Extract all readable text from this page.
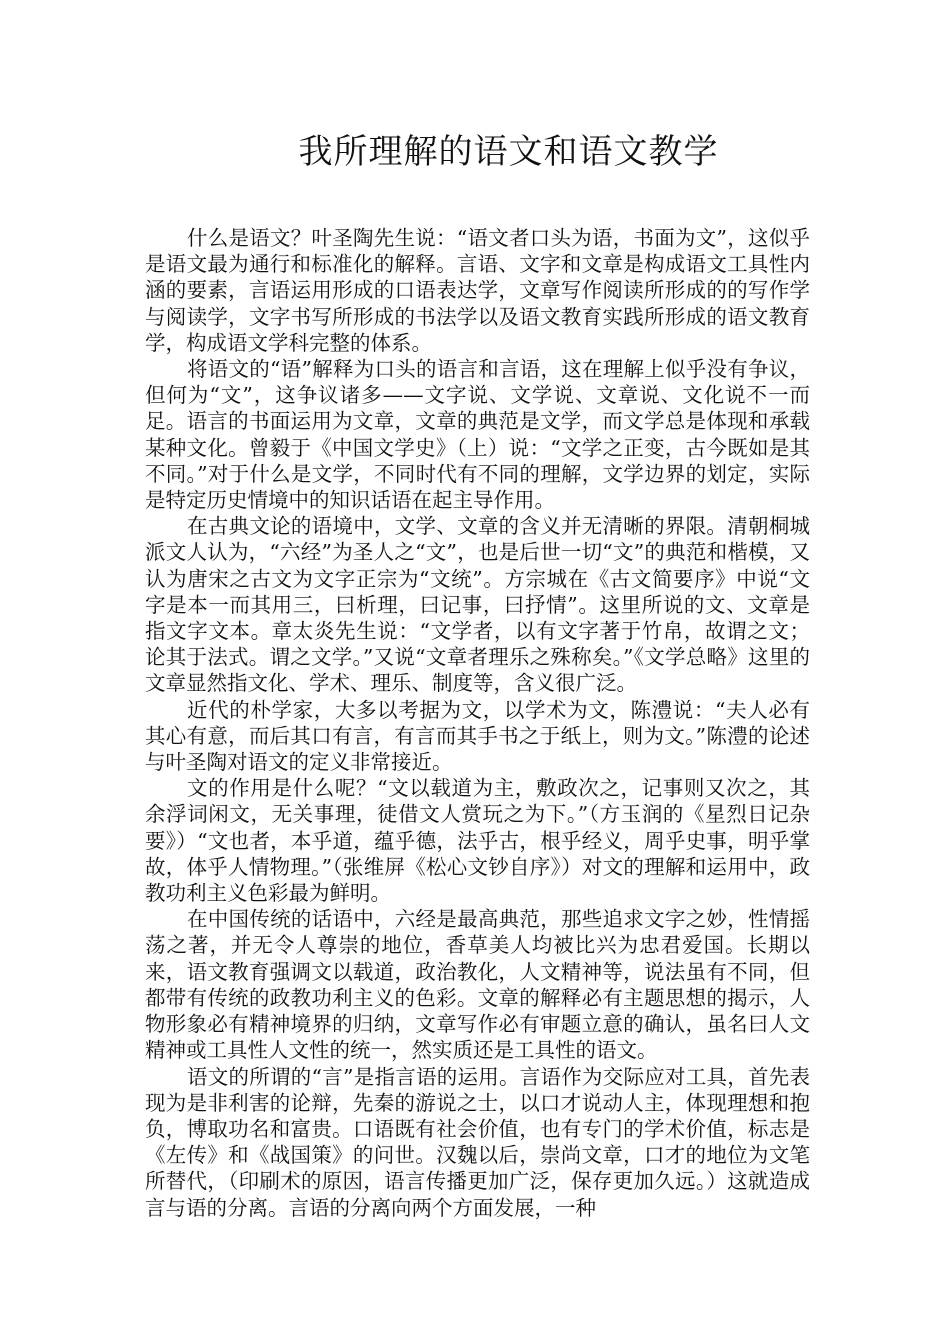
我所理解的语文和语文教学

什么是语文？叶圣陶先生说：“语文者口头为语，书面为文”，这似乎是语文最为通行和标准化的解释。言语、文字和文章是构成语文工具性内涵的要素，言语运用形成的口语表达学，文章写作阅读所形成的的写作学与阅读学，文字书写所形成的书法学以及语文教育实践所形成的语文教育学，构成语文学科完整的体系。

将语文的“语”解释为口头的语言和言语，这在理解上似乎没有争议，但何为“文”，这争议诸多——文字说、文学说、文章说、文化说不一而足。语言的书面运用为文章，文章的典范是文学，而文学总是体现和承载某种文化。曾毅于《中国文学史》（上）说：“文学之正变，古今既如是其不同。”对于什么是文学，不同时代有不同的理解，文学边界的划定，实际是特定历史情境中的知识话语在起主导作用。

在古典文论的语境中，文学、文章的含义并无清晰的界限。清朝桐城派文人认为，“六经”为圣人之“文”，也是后世一切“文”的典范和楷模，又认为唐宋之古文为文字正宗为“文统”。方宗城在《古文简要序》中说“文字是本一而其用三，曰析理，曰记事，曰抒情”。这里所说的文、文章是指文字文本。章太炎先生说：“文学者，以有文字著于竹帛，故谓之文；论其于法式。谓之文学。”又说“文章者理乐之殊称矣。”《文学总略》这里的文章显然指文化、学术、理乐、制度等，含义很广泛。

近代的朴学家，大多以考据为文，以学术为文，陈澧说：“夫人必有其心有意，而后其口有言，有言而其手书之于纸上，则为文。”陈澧的论述与叶圣陶对语文的定义非常接近。

文的作用是什么呢？“文以载道为主，敷政次之，记事则又次之，其余浮词闲文，无关事理，徒借文人赏玩之为下。”（方玉润的《星烈日记杂要》）“文也者，本乎道，蕴乎德，法乎古，根乎经义，周乎史事，明乎掌故，体乎人情物理。”（张维屏《松心文钞自序》）对文的理解和运用中，政教功利主义色彩最为鲜明。

在中国传统的话语中，六经是最高典范，那些追求文字之妙，性情摇荡之著，并无令人尊崇的地位，香草美人均被比兴为忠君爱国。长期以来，语文教育强调文以载道，政治教化，人文精神等，说法虽有不同，但都带有传统的政教功利主义的色彩。文章的解释必有主题思想的揭示，人物形象必有精神境界的归纳，文章写作必有审题立意的确认，虽名曰人文精神或工具性人文性的统一，然实质还是工具性的语文。

语文的所谓的“言”是指言语的运用。言语作为交际应对工具，首先表现为是非利害的论辩，先秦的游说之士，以口才说动人主，体现理想和抱负，博取功名和富贵。口语既有社会价值，也有专门的学术价值，标志是《左传》和《战国策》的问世。汉魏以后，崇尚文章，口才的地位为文笔所替代，（印刷术的原因，语言传播更加广泛，保存更加久远。）这就造成言与语的分离。言语的分离向两个方面发展，一种
